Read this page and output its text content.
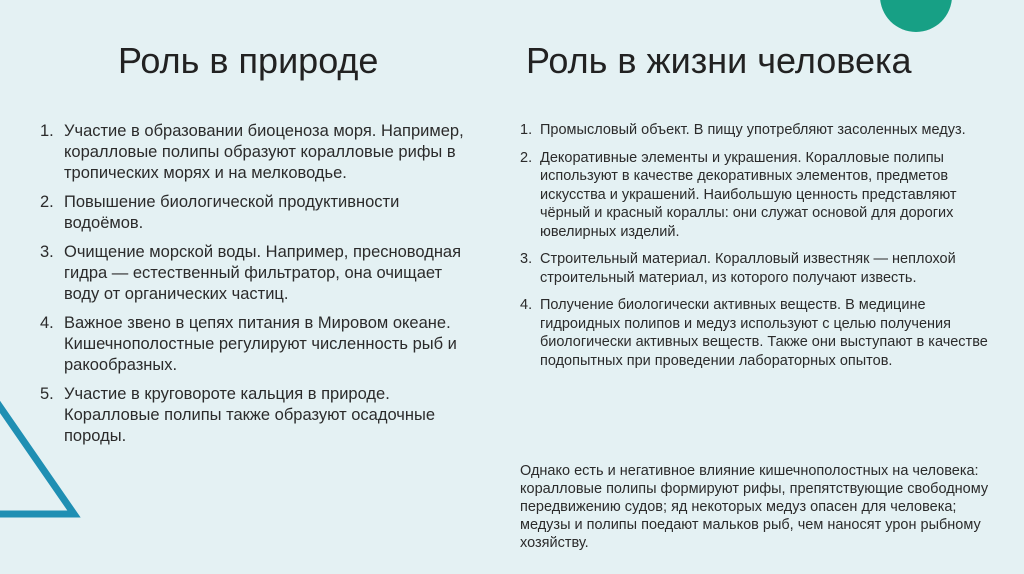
Роль в природе
1. Участие в образовании биоценоза моря. Например, коралловые полипы образуют коралловые рифы в тропических морях и на мелководье.
2. Повышение биологической продуктивности водоёмов.
3. Очищение морской воды. Например, пресноводная гидра — естественный фильтратор, она очищает воду от органических частиц.
4. Важное звено в цепях питания в Мировом океане. Кишечнополостные регулируют численность рыб и ракообразных.
5. Участие в круговороте кальция в природе. Коралловые полипы также образуют осадочные породы.
Роль в жизни человека
1. Промысловый объект. В пищу употребляют засоленных медуз.
2. Декоративные элементы и украшения. Коралловые полипы используют в качестве декоративных элементов, предметов искусства и украшений. Наибольшую ценность представляют чёрный и красный кораллы: они служат основой для дорогих ювелирных изделий.
3. Строительный материал. Коралловый известняк — неплохой строительный материал, из которого получают известь.
4. Получение биологически активных веществ. В медицине гидроидных полипов и медуз используют с целью получения биологически активных веществ. Также они выступают в качестве подопытных при проведении лабораторных опытов.

Однако есть и негативное влияние кишечнополостных на человека: коралловые полипы формируют рифы, препятствующие свободному передвижению судов; яд некоторых медуз опасен для человека; медузы и полипы поедают мальков рыб, чем наносят урон рыбному хозяйству.
